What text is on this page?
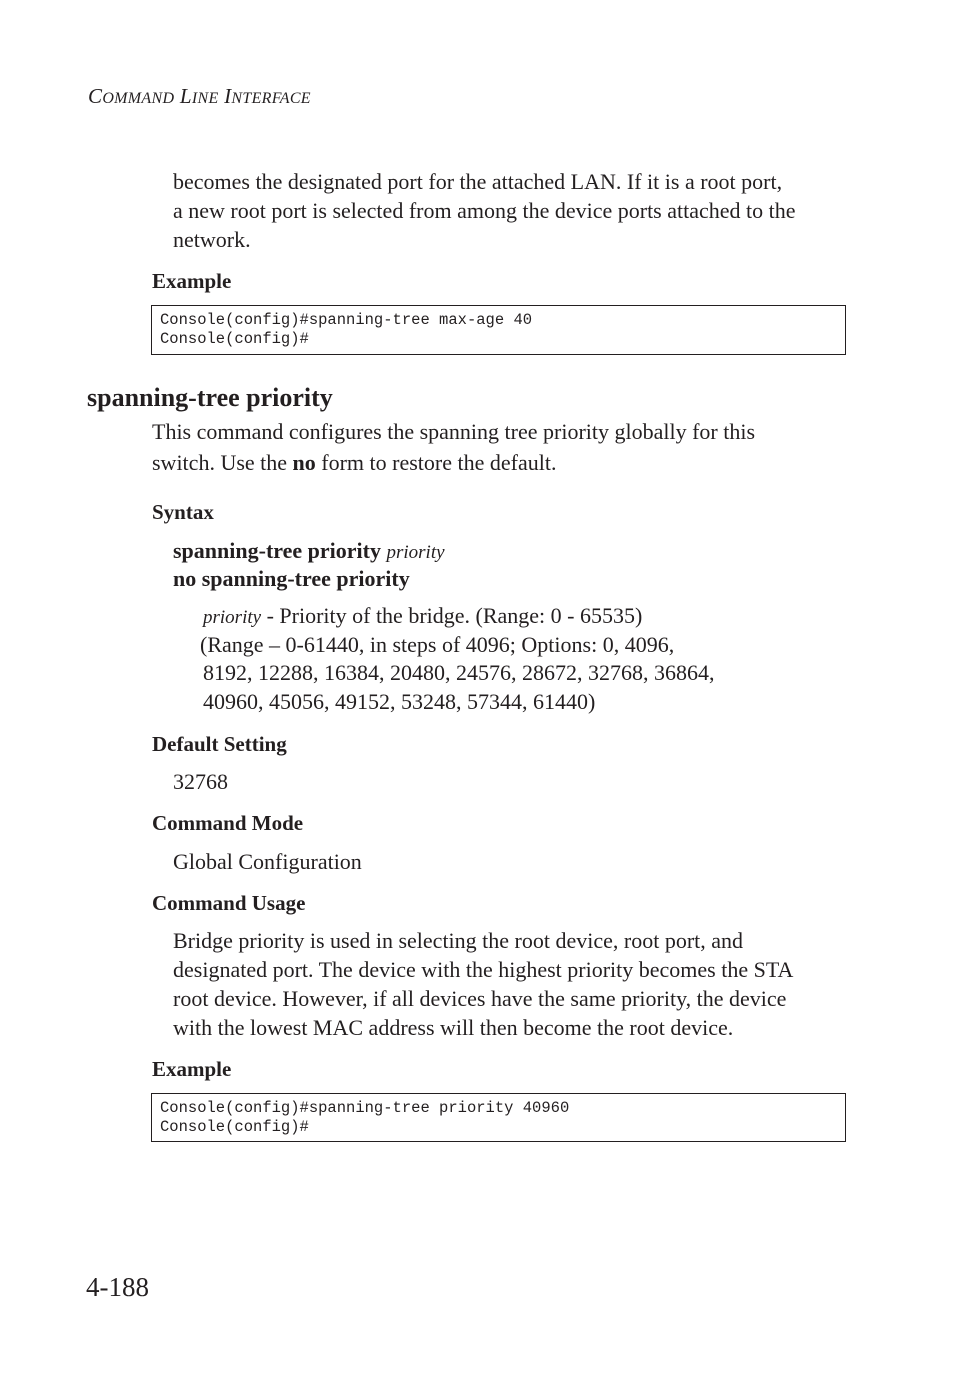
COMMAND LINE INTERFACE
becomes the designated port for the attached LAN. If it is a root port,
a new root port is selected from among the device ports attached to the
network.
Example
Console(config)#spanning-tree max-age 40
Console(config)#
spanning-tree priority
This command configures the spanning tree priority globally for this
switch. Use the no form to restore the default.
Syntax
spanning-tree priority priority
no spanning-tree priority
priority - Priority of the bridge. (Range: 0 - 65535)
(Range – 0-61440, in steps of 4096; Options: 0, 4096,
8192, 12288, 16384, 20480, 24576, 28672, 32768, 36864,
40960, 45056, 49152, 53248, 57344, 61440)
Default Setting
32768
Command Mode
Global Configuration
Command Usage
Bridge priority is used in selecting the root device, root port, and
designated port. The device with the highest priority becomes the STA
root device. However, if all devices have the same priority, the device
with the lowest MAC address will then become the root device.
Example
Console(config)#spanning-tree priority 40960
Console(config)#
4-188
